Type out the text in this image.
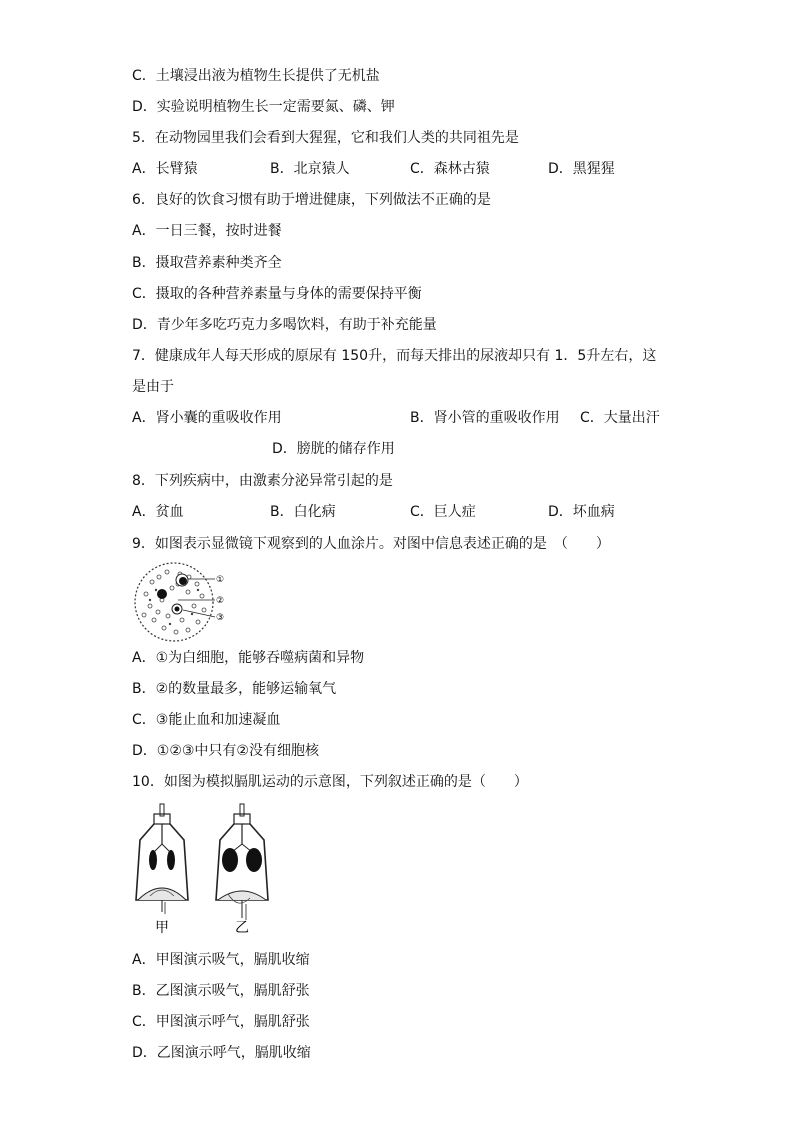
C．土壤浸出液为植物生长提供了无机盐
D．实验说明植物生长一定需要氮、磷、钾
5．在动物园里我们会看到大猩猩，它和我们人类的共同祖先是
A．长臂猿	B．北京猿人	C．森林古猿	D．黑猩猩
6．良好的饮食习惯有助于增进健康，下列做法不正确的是
A．一日三餐，按时进餐
B．摄取营养素种类齐全
C．摄取的各种营养素量与身体的需要保持平衡
D．青少年多吃巧克力多喝饮料，有助于补充能量
7．健康成年人每天形成的原尿有 150升，而每天排出的尿液却只有 1．5升左右，这
是由于
A．肾小囊的重吸收作用	B．肾小管的重吸收作用 C．大量出汗
D．膀胱的储存作用
8．下列疾病中，由激素分泌异常引起的是
A．贫血	B．白化病	C．巨人症	D．坏血病
9．如图表示显微镜下观察到的人血涂片。对图中信息表述正确的是　（　　）
①
②
③
A．①为白细胞，能够吞噬病菌和异物
B．②的数量最多，能够运输氧气
C．③能止血和加速凝血
D．①②③中只有②没有细胞核
10．如图为模拟膈肌运动的示意图，下列叙述正确的是（　　）
甲	乙
A．甲图演示吸气，膈肌收缩
B．乙图演示吸气，膈肌舒张
C．甲图演示呼气，膈肌舒张
D．乙图演示呼气，膈肌收缩
